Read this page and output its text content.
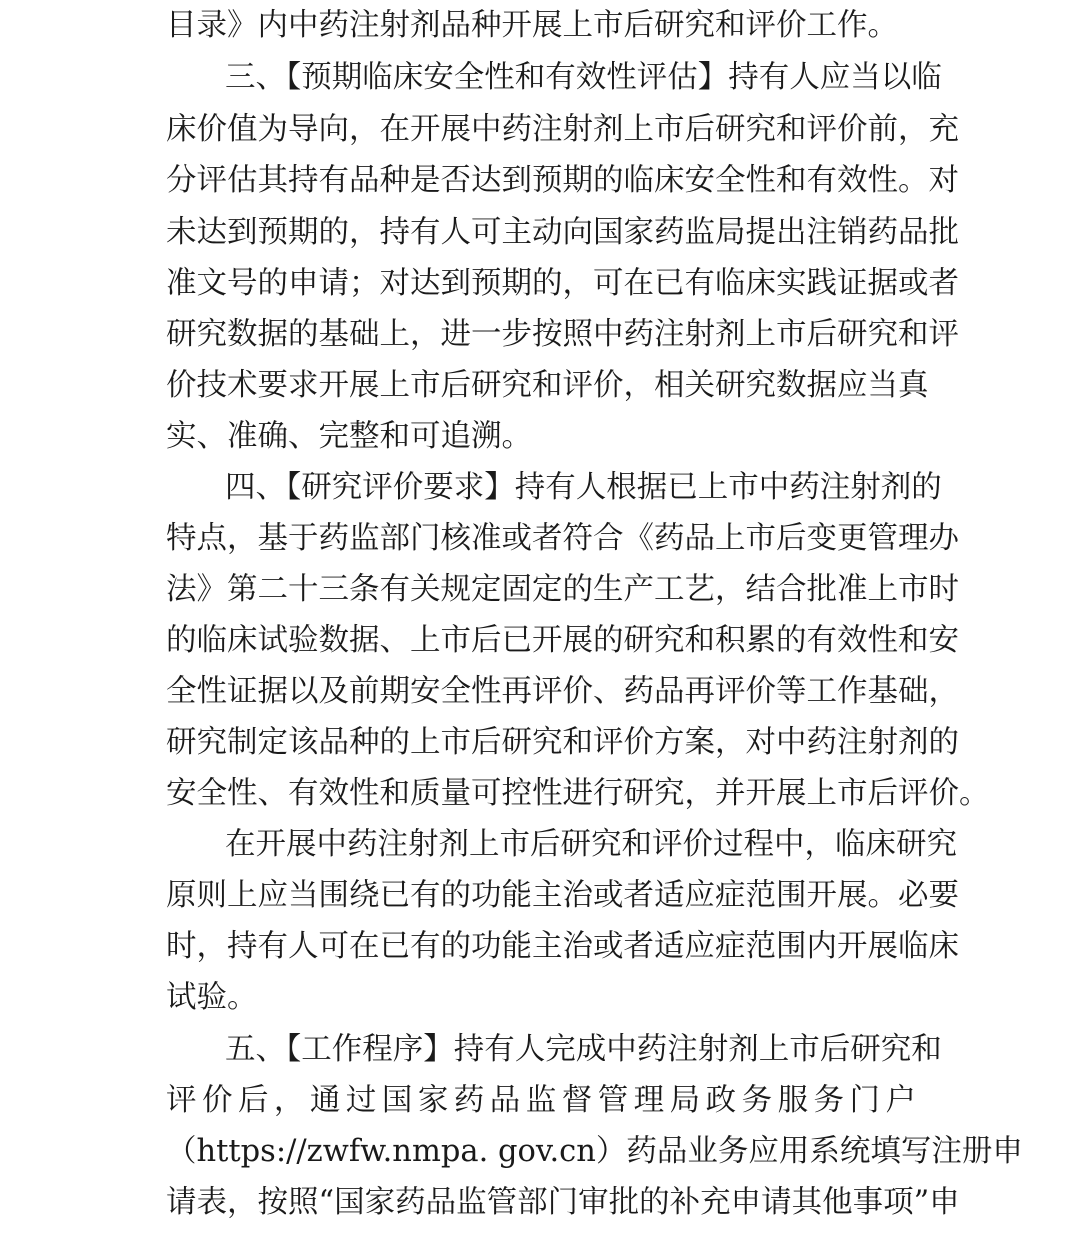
目录》内中药注射剂品种开展上市后研究和评价工作。
三、【预期临床安全性和有效性评估】持有人应当以临
床价值为导向，在开展中药注射剂上市后研究和评价前，充
分评估其持有品种是否达到预期的临床安全性和有效性。对
未达到预期的，持有人可主动向国家药监局提出注销药品批
准文号的申请；对达到预期的，可在已有临床实践证据或者
研究数据的基础上，进一步按照中药注射剂上市后研究和评
价技术要求开展上市后研究和评价，相关研究数据应当真
实、准确、完整和可追溯。
四、【研究评价要求】持有人根据已上市中药注射剂的
特点，基于药监部门核准或者符合《药品上市后变更管理办
法》第二十三条有关规定固定的生产工艺，结合批准上市时
的临床试验数据、上市后已开展的研究和积累的有效性和安
全性证据以及前期安全性再评价、药品再评价等工作基础，
研究制定该品种的上市后研究和评价方案，对中药注射剂的
安全性、有效性和质量可控性进行研究，并开展上市后评价。
在开展中药注射剂上市后研究和评价过程中，临床研究
原则上应当围绕已有的功能主治或者适应症范围开展。必要
时，持有人可在已有的功能主治或者适应症范围内开展临床
试验。
五、【工作程序】持有人完成中药注射剂上市后研究和
评价后，通过国家药品监督管理局政务服务门户
（https://zwfw.nmpa. gov.cn）药品业务应用系统填写注册申
请表，按照“国家药品监管部门审批的补充申请其他事项”申
